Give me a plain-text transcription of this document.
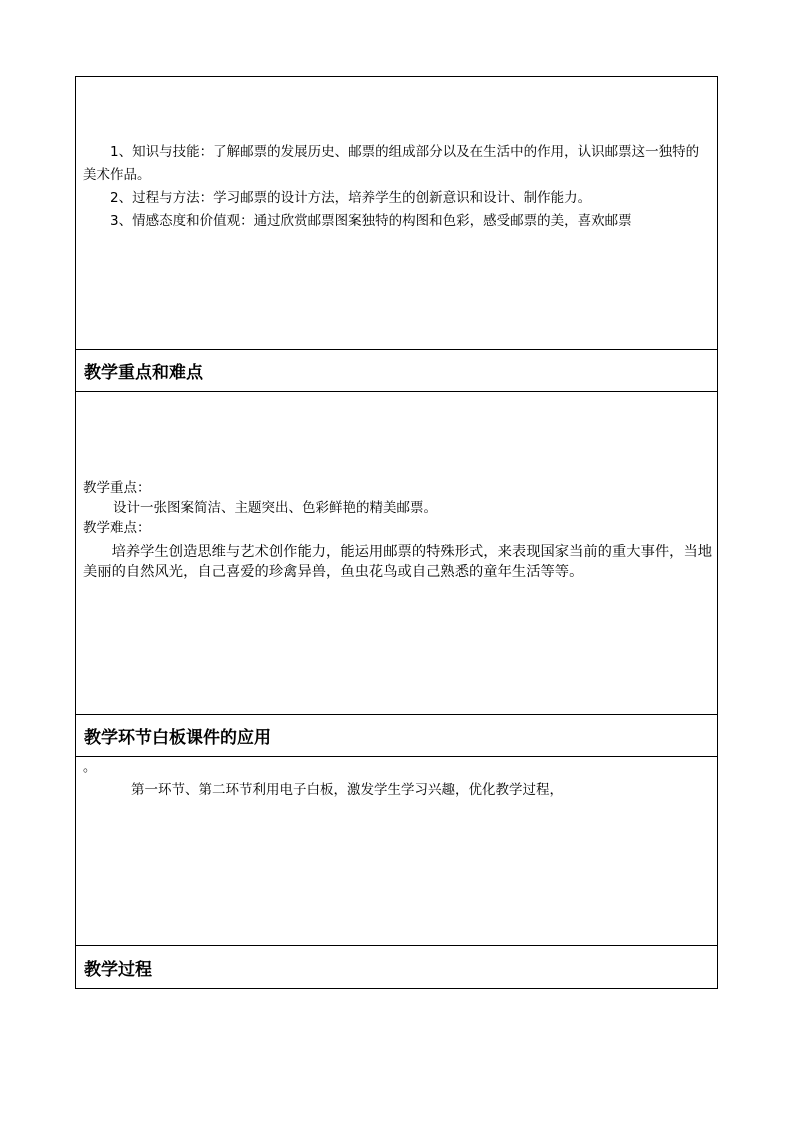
1、知识与技能：了解邮票的发展历史、邮票的组成部分以及在生活中的作用，认识邮票这一独特的美术作品。

2、过程与方法：学习邮票的设计方法，培养学生的创新意识和设计、制作能力。

3、情感态度和价值观：通过欣赏邮票图案独特的构图和色彩，感受邮票的美，喜欢邮票

教学重点和难点

教学重点：

设计一张图案简洁、主题突出、色彩鲜艳的精美邮票。

教学难点：

培养学生创造思维与艺术创作能力，能运用邮票的特殊形式，来表现国家当前的重大事件，当地美丽的自然风光，自己喜爱的珍禽异兽，鱼虫花鸟或自己熟悉的童年生活等等。

教学环节白板课件的应用
。
第一环节、第二环节利用电子白板，激发学生学习兴趣，优化教学过程，
教学过程
